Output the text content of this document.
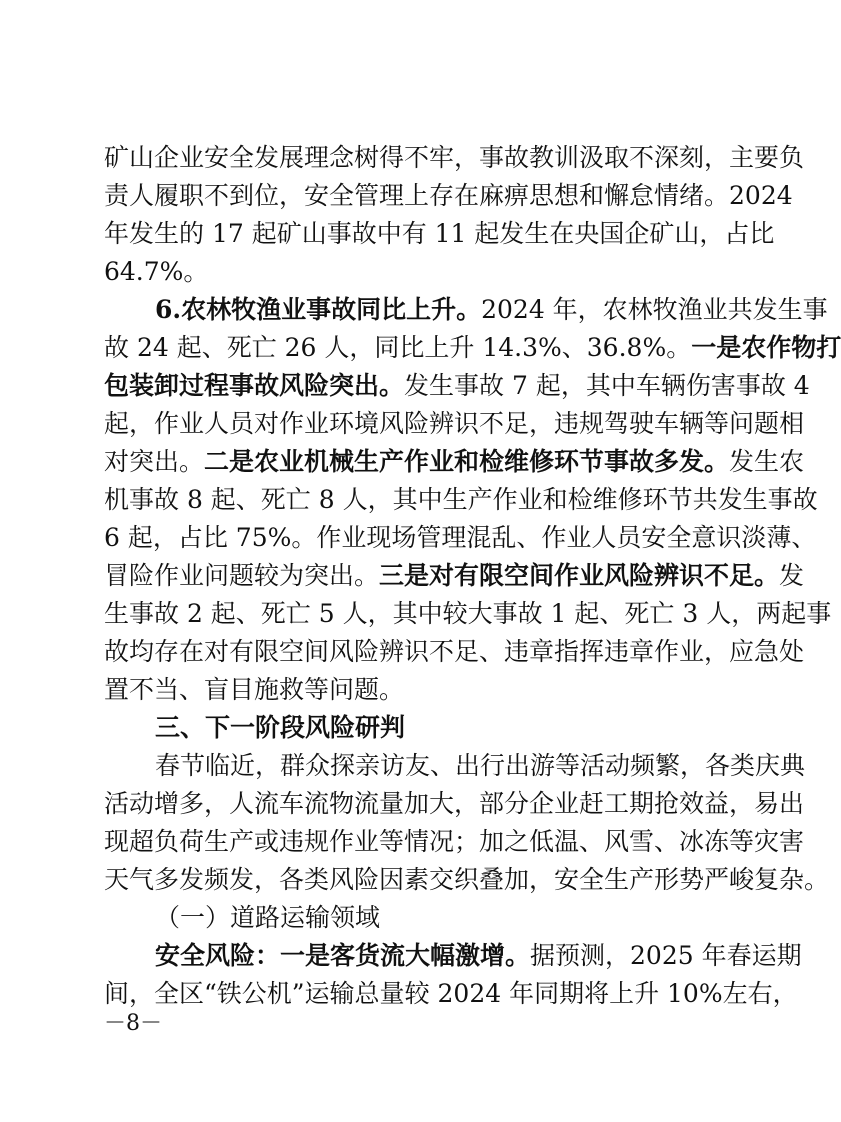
矿山企业安全发展理念树得不牢，事故教训汲取不深刻，主要负
责人履职不到位，安全管理上存在麻痹思想和懈怠情绪。2024
年发生的 17 起矿山事故中有 11 起发生在央国企矿山，占比
64.7%。
6.农林牧渔业事故同比上升。2024 年，农林牧渔业共发生事
故 24 起、死亡 26 人，同比上升 14.3%、36.8%。一是农作物打
包装卸过程事故风险突出。发生事故 7 起，其中车辆伤害事故 4
起，作业人员对作业环境风险辨识不足，违规驾驶车辆等问题相
对突出。二是农业机械生产作业和检维修环节事故多发。发生农
机事故 8 起、死亡 8 人，其中生产作业和检维修环节共发生事故
6 起，占比 75%。作业现场管理混乱、作业人员安全意识淡薄、
冒险作业问题较为突出。三是对有限空间作业风险辨识不足。发
生事故 2 起、死亡 5 人，其中较大事故 1 起、死亡 3 人，两起事
故均存在对有限空间风险辨识不足、违章指挥违章作业，应急处
置不当、盲目施救等问题。
三、下一阶段风险研判
春节临近，群众探亲访友、出行出游等活动频繁，各类庆典
活动增多，人流车流物流量加大，部分企业赶工期抢效益，易出
现超负荷生产或违规作业等情况；加之低温、风雪、冰冻等灾害
天气多发频发，各类风险因素交织叠加，安全生产形势严峻复杂。
（一）道路运输领域
安全风险：一是客货流大幅激增。据预测，2025 年春运期
间，全区“铁公机”运输总量较 2024 年同期将上升 10%左右，
－8－
